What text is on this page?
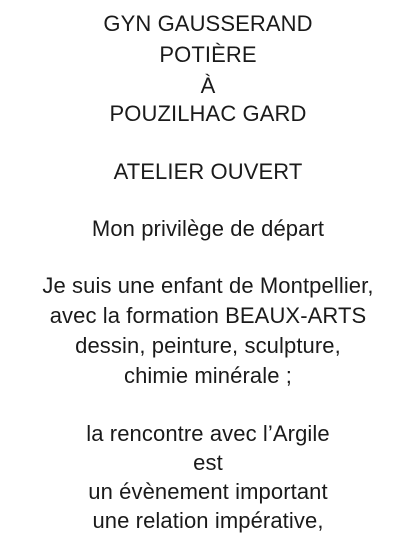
GYN GAUSSERAND
POTIÈRE
À
POUZILHAC GARD
ATELIER OUVERT
Mon privilège de départ
Je suis une enfant de Montpellier,
avec la formation BEAUX-ARTS
dessin, peinture, sculpture,
chimie minérale ;
la rencontre avec l’Argile
est
un évènement important
une relation impérative,
